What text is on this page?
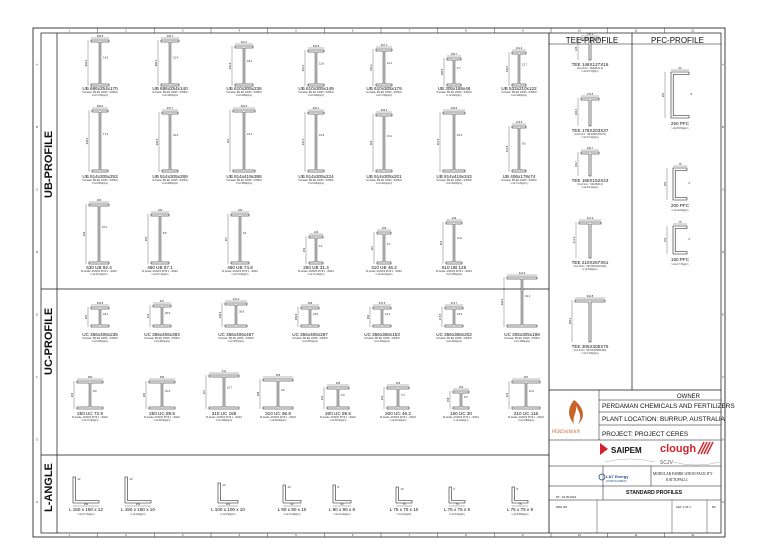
1
1
2
2
3
3
4
4
5
5
6
6
7
7
8
8
9
9
10
10
11
11
12
12
A	A
B	B
C	C
D	D
E	E
F	F
G	G
H	H
255.8
692.9
14.5
253.7
683.5
12.4
311.4
635.8
18.4
304.8
612.4
11.8
307.1
620.2
14.1
165.7
306.6
6.7
211.9
544.5
12.7
305.5
918.4
17.3
307.7
926.6
19.5
420.5
921
21.4
304.1
910.4
15.9
303.3
903
15.1
418.5
911.8
19.4
179.5
412.8
9.5
209
533
10.2
190
454
8.5
190
457
9.1	146
252
6.1
166
307
6.7
229
612
11.9
394.8
381
18.4
407
419
30.6
412.2
436.6	35.8
399
393.6	22.6
370.5
362
12.3
374.7
374.6	16.5
314.5
339.9
19.1
254
254
8.6
256
260
10.5
311
327
15.7
305
308
9.9
205
210
9.3
203
203
7.3
153
158
6.6
307
315
11.9
150
12
150
10
100
10
90
10
90
8
75
10
75
6
75
8
146.1
126
179.5
206.4
166.7
153.7
211.9
272.3
304.8
306.2
90
250	8
75
200	6
75
150	6
UB-PROFILE
UC-PROFILE
L-ANGLE
TEE-PROFILE	PFC-PROFILE
OWNER
PERDAMAN CHEMICALS AND FERTILIZERS
PLANT LOCATION: BURRUP, AUSTRALIA
PROJECT: PROJECT CERES
PERDAMAN
SAIPEM clough
SCJV
L&T Energy
HYDROCARBON
MODULAR FABRICATION FACILITY
KATTUPALLI
STANDARD PROFILES
DT : 02.05.2024
DRG NO	SHT 1 OF 1	R0
UB 686x254x170
M.Grade: BS EN 10025 - S355J2
U.wt:170(kg/m)
UB 686x254x140
M.Grade: BS EN 10025 - S355J2
U.wt:140(kg/m)
UB 610x305x238
M.Grade: BS EN 10025 - S355J2
U.wt:238(kg/m)
UB 610x305x149
M.Grade: BS EN 10025 - S355J2
U.wt:149(kg/m)
UB 610x305x179
M.Grade: BS EN 10025 - S355J2
U.wt:179(kg/m)
UB 305x165x46
M.Grade: BS EN 10025 - S355J2
U.wt:46(kg/m)
UB 533x210x122
M.Grade: BS EN 10025 - S355J2
U.wt:122(kg/m)
UB 914x305x253
M.Grade: BS EN 10025 - S355J2
U.wt:253(kg/m)
UB 914x305x289
M.Grade: BS EN 10025 - S355J2
U.wt:289(kg/m)
UB 914x419x388
M.Grade: BS EN 10025 - S355J2
U.wt:388(kg/m)
UB 914x305x224
M.Grade: BS EN 10025 - S355J2
U.wt:224(kg/m)
UB 914x305x201
M.Grade: BS EN 10025 - S355J2
U.wt:201(kg/m)
UB 914x419x343
M.Grade: BS EN 10025 - S355J2
U.wt:343(kg/m)
UB 406x178x74
M.Grade: BS EN 10025 - S355J2
U.wt:74.2(kg/m)
530 UB 92.4
M.Grade: AS/NZS 3679.1 - 300L0
U.wt:92.4(kg/m)
460 UB 67.1
M.Grade: AS/NZS 3679.1 - 300L0
U.wt:67.1(kg/m)
460 UB 74.6
M.Grade: AS/NZS 3679.1 - 300L0
U.wt:74.6(kg/m)
250 UB 31.4
M.Grade: AS/NZS 3679.1 - 300L0
U.wt:31.4(kg/m)
310 UB 46.2
M.Grade: AS/NZS 3679.1 - 300L0
U.wt:46.2(kg/m)
610 UB 125
M.Grade: AS/NZS 3679.1 - 300L0
U.wt:125(kg/m)
UC 356x406x235
M.Grade: BS EN 10025 - S355J2
U.wt:235(kg/m)
UC 356x406x393
M.Grade: BS EN 10025 - S355J2
U.wt:393(kg/m)
UC 356x406x467
M.Grade: BS EN 10025 - S355J2
U.wt:467(kg/m)
UC 356x406x287
M.Grade: BS EN 10025 - S355J2
U.wt:287(kg/m)
UC 356x368x153
M.Grade: BS EN 10025 - S355J2
U.wt:153(kg/m)
UC 356x368x202
M.Grade: BS EN 10025 - S355J2
U.wt:202(kg/m)
UC 305x305x198
M.Grade: BS EN 10025 - S355J2
U.wt:198(kg/m)
250 UC 72.9
M.Grade: AS/NZS 3679.1 - 300L0
U.wt:72.9(kg/m)
250 UC 89.5
M.Grade: AS/NZS 3679.1 - 300L0
U.wt:89.5(kg/m)
310 UC 158
M.Grade: AS/NZS 3679.1 - 300L0
U.wt:158(kg/m)
310 UC 96.8
M.Grade: AS/NZS 3679.1 - 300L0
U.wt:96.8(kg/m)
200 UC 59.5
M.Grade: AS/NZS 3679.1 - 300L0
U.wt:59.5(kg/m)
200 UC 46.2
M.Grade: AS/NZS 3679.1 - 300L0
U.wt:46.2(kg/m)
150 UC 30
M.Grade: AS/NZS 3679.1 - 300L0
U.wt:30(kg/m)
310 UC 118
M.Grade: AS/NZS 3679.1 - 300L0
U.wt:118(kg/m)
L 150 x 150 x 12
U.wt:27.3(kg/m)
L 150 x 150 x 10
U.wt:23(kg/m)
L 100 x 100 x 10
U.wt:15(kg/m)
L 90 x 90 x 10
U.wt:13.3(kg/m)
L 90 x 90 x 8
U.wt:10.9(kg/m)
L 75 x 75 x 10
U.wt:11(kg/m)
L 75 x 75 x 6
U.wt:6.8(kg/m)
L 75 x 75 x 8
U.wt:8.99(kg/m)
TEE 146X127X16
(Cut From : 254UB 31.4)
U.wt:15.7(kg/m)
TEE 178X203X37
(Cut From : UB 406X178X74)
U.wt:37.1(kg/m)
TEE 165X152X23
(Cut From : 310UB46.2)
U.wt:23.1(kg/m)
TEE 210X267X61
(Cut From : UB 533X210X122)
U.wt:61(kg/m)
TEE 305X305X75
(Cut From : UB 610X305X149)
U.wt:74.5(kg/m)
250 PFC
U.wt:35.5(kg/m)
200 PFC
U.wt:22.9(kg/m)
150 PFC
U.wt:17.7(kg/m)
